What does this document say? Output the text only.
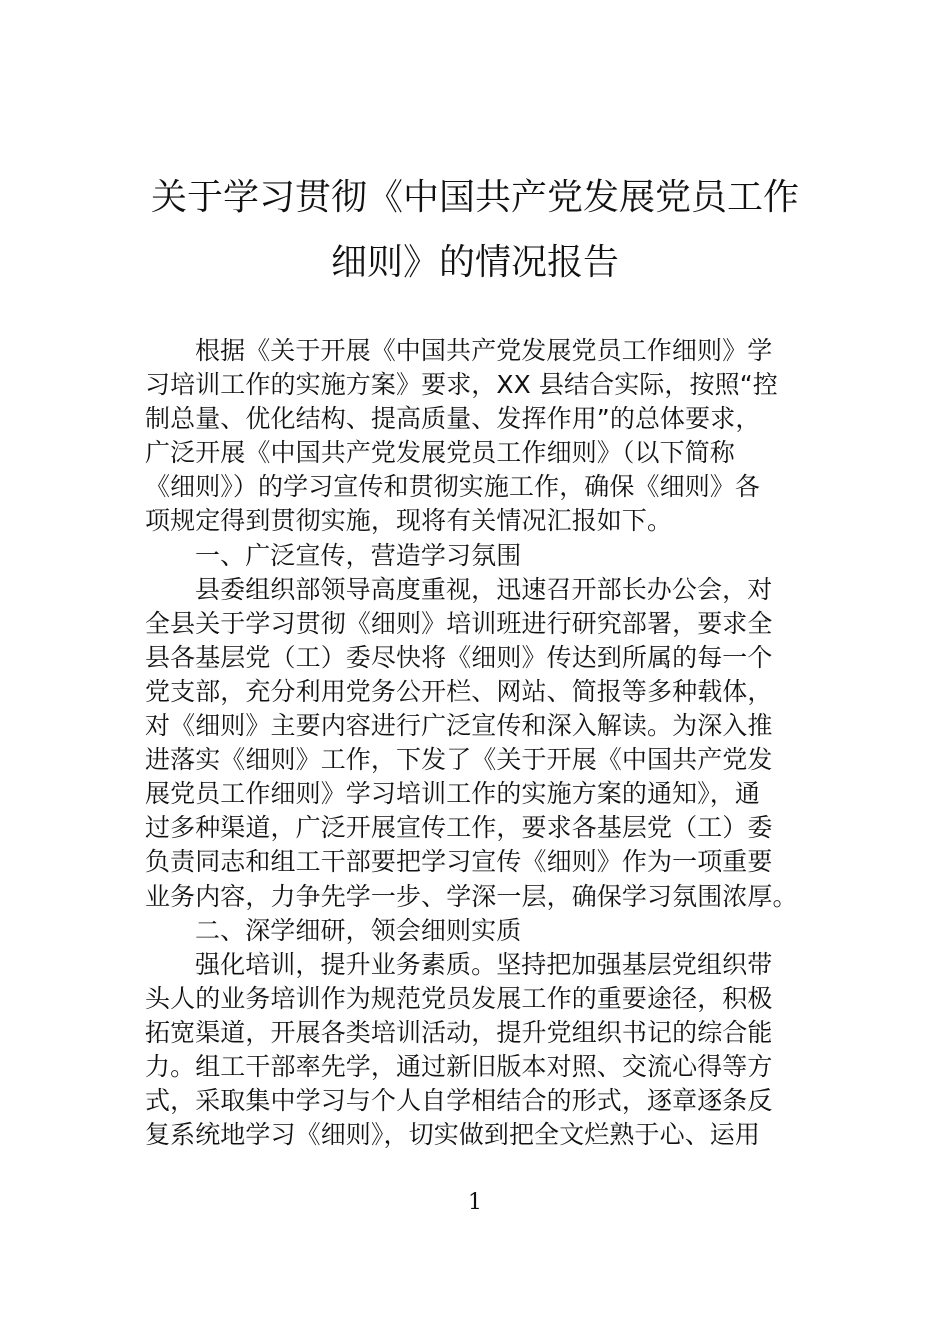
关于学习贯彻《中国共产党发展党员工作
细则》的情况报告
根据《关于开展《中国共产党发展党员工作细则》学
习培训工作的实施方案》要求，XX 县结合实际，按照“控
制总量、优化结构、提高质量、发挥作用”的总体要求，
广泛开展《中国共产党发展党员工作细则》（以下简称
《细则》）的学习宣传和贯彻实施工作，确保《细则》各
项规定得到贯彻实施，现将有关情况汇报如下。
一、广泛宣传，营造学习氛围
县委组织部领导高度重视，迅速召开部长办公会，对
全县关于学习贯彻《细则》培训班进行研究部署，要求全
县各基层党（工）委尽快将《细则》传达到所属的每一个
党支部，充分利用党务公开栏、网站、简报等多种载体，
对《细则》主要内容进行广泛宣传和深入解读。为深入推
进落实《细则》工作，下发了《关于开展《中国共产党发
展党员工作细则》学习培训工作的实施方案的通知》，通
过多种渠道，广泛开展宣传工作，要求各基层党（工）委
负责同志和组工干部要把学习宣传《细则》作为一项重要
业务内容，力争先学一步、学深一层，确保学习氛围浓厚。
二、深学细研，领会细则实质
强化培训，提升业务素质。坚持把加强基层党组织带
头人的业务培训作为规范党员发展工作的重要途径，积极
拓宽渠道，开展各类培训活动，提升党组织书记的综合能
力。组工干部率先学，通过新旧版本对照、交流心得等方
式，采取集中学习与个人自学相结合的形式，逐章逐条反
复系统地学习《细则》，切实做到把全文烂熟于心、运用
1
